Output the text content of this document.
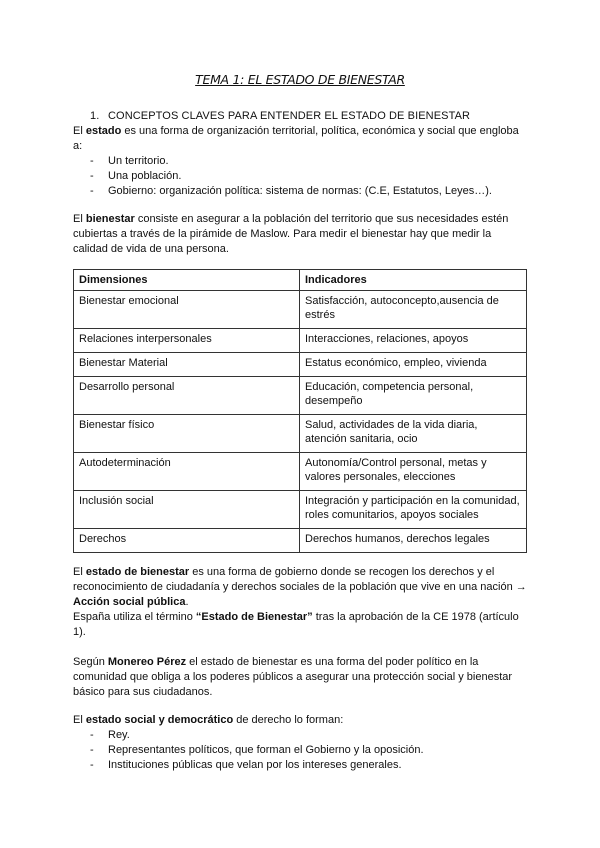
TEMA 1: EL ESTADO DE BIENESTAR
1. CONCEPTOS CLAVES PARA ENTENDER EL ESTADO DE BIENESTAR

El estado es una forma de organización territorial, política, económica y social que engloba a:

- Un territorio.
- Una población.
- Gobierno: organización política: sistema de normas: (C.E, Estatutos, Leyes…).

El bienestar consiste en asegurar a la población del territorio que sus necesidades estén cubiertas a través de la pirámide de Maslow. Para medir el bienestar hay que medir la calidad de vida de una persona.

Dimensiones	Indicadores
Bienestar emocional	Satisfacción, autoconcepto,ausencia de estrés
Relaciones interpersonales	Interacciones, relaciones, apoyos
Bienestar Material	Estatus económico, empleo, vivienda
Desarrollo personal	Educación, competencia personal, desempeño
Bienestar físico	Salud, actividades de la vida diaria, atención sanitaria, ocio
Autodeterminación	Autonomía/Control personal, metas y valores personales, elecciones
Inclusión social	Integración y participación en la comunidad, roles comunitarios, apoyos sociales
Derechos	Derechos humanos, derechos legales

El estado de bienestar es una forma de gobierno donde se recogen los derechos y el reconocimiento de ciudadanía y derechos sociales de la población que vive en una nación → Acción social pública.

España utiliza el término “Estado de Bienestar” tras la aprobación de la CE 1978 (artículo 1).

Según Monereo Pérez el estado de bienestar es una forma del poder político en la comunidad que obliga a los poderes públicos a asegurar una protección social y bienestar básico para sus ciudadanos.

El estado social y democrático de derecho lo forman:

- Rey.
- Representantes políticos, que forman el Gobierno y la oposición.
- Instituciones públicas que velan por los intereses generales.
